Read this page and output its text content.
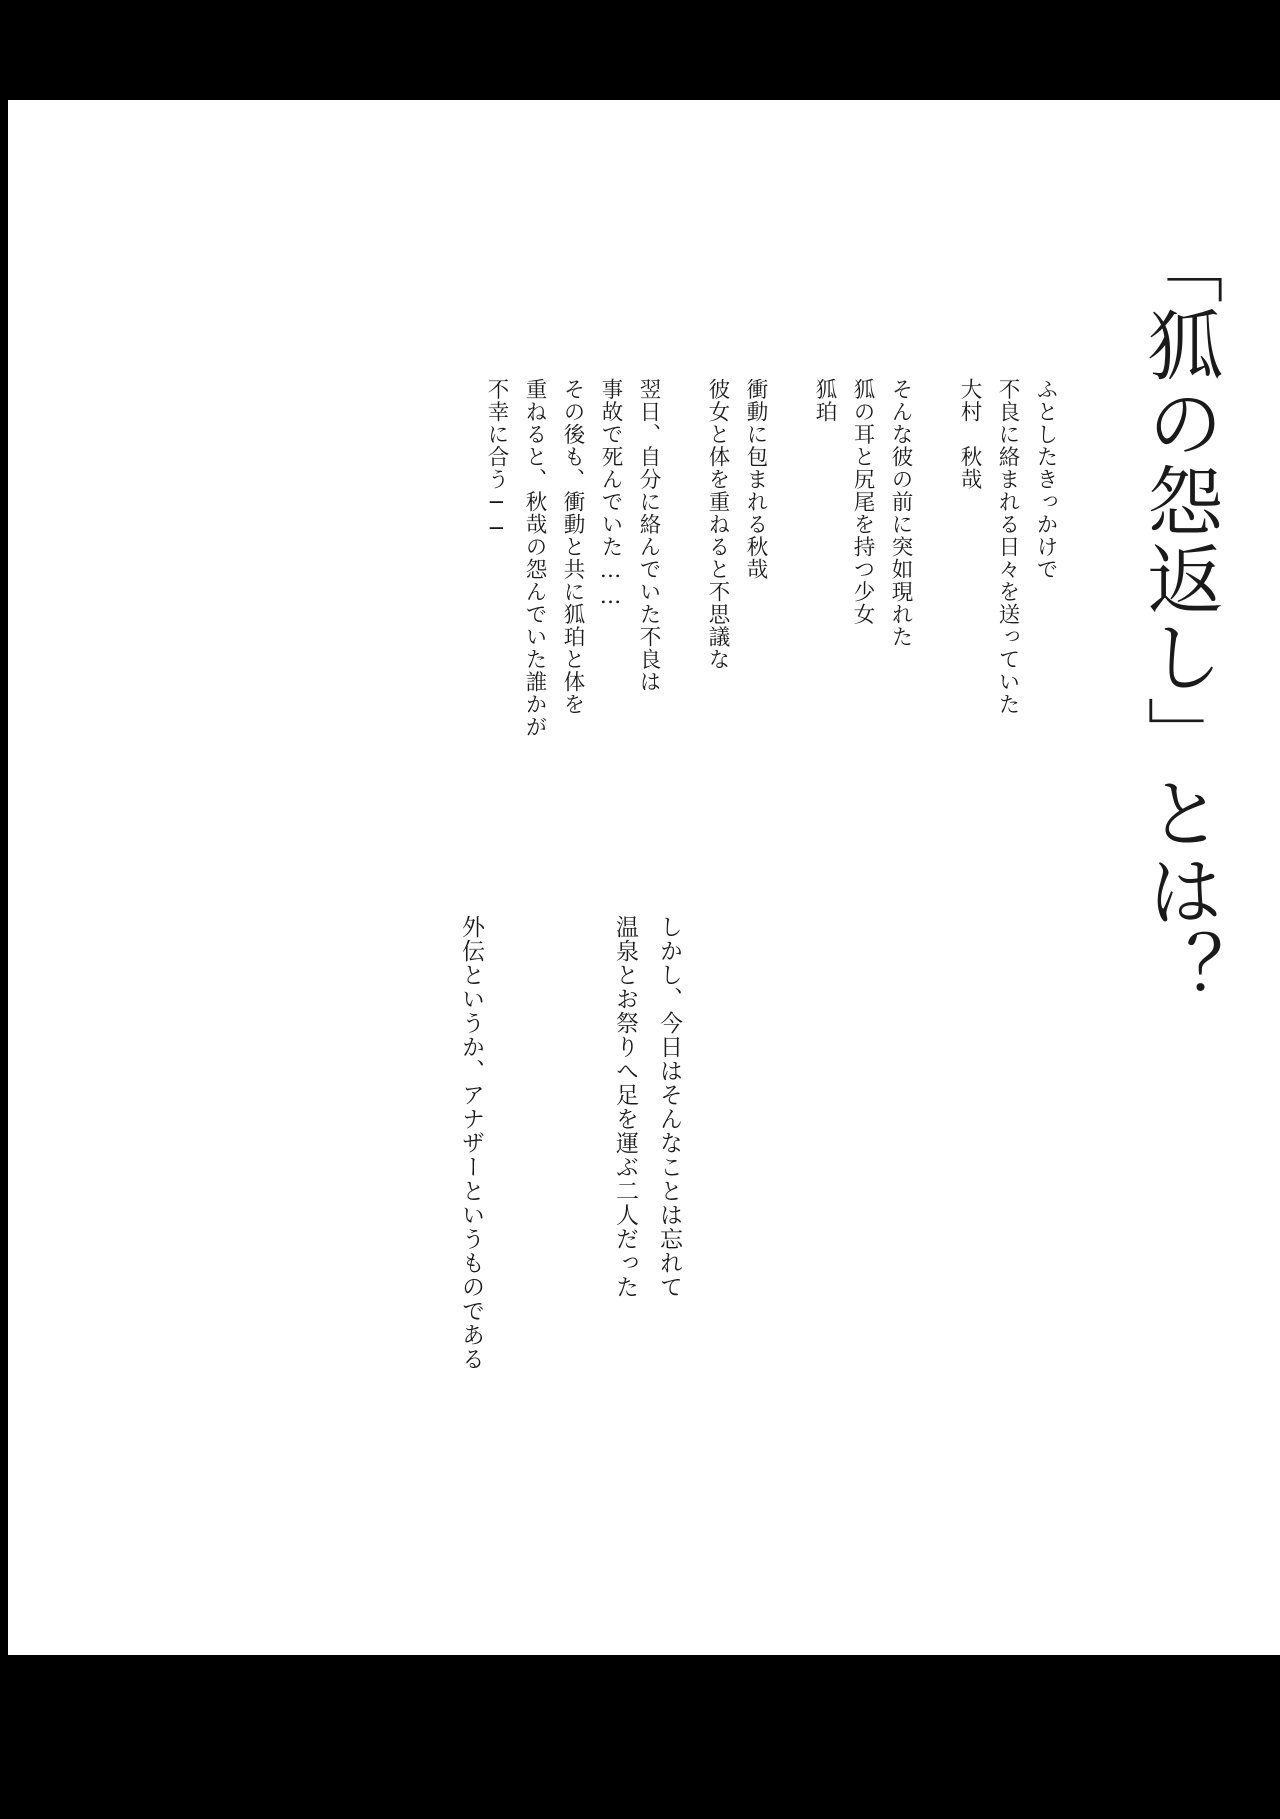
「狐の怨返し」とは？
ふとしたきっかけで
不良に絡まれる日々を送っていた
大村　秋哉
そんな彼の前に突如現れた
狐の耳と尻尾を持つ少女
狐珀
衝動に包まれる秋哉
彼女と体を重ねると不思議な
翌日、自分に絡んでいた不良は
事故で死んでいた……
その後も、衝動と共に狐珀と体を
重ねると、秋哉の怨んでいた誰かが
不幸に合う──
しかし、今日はそんなことは忘れて
温泉とお祭りへ足を運ぶ二人だった
外伝というか、アナザーというものである
